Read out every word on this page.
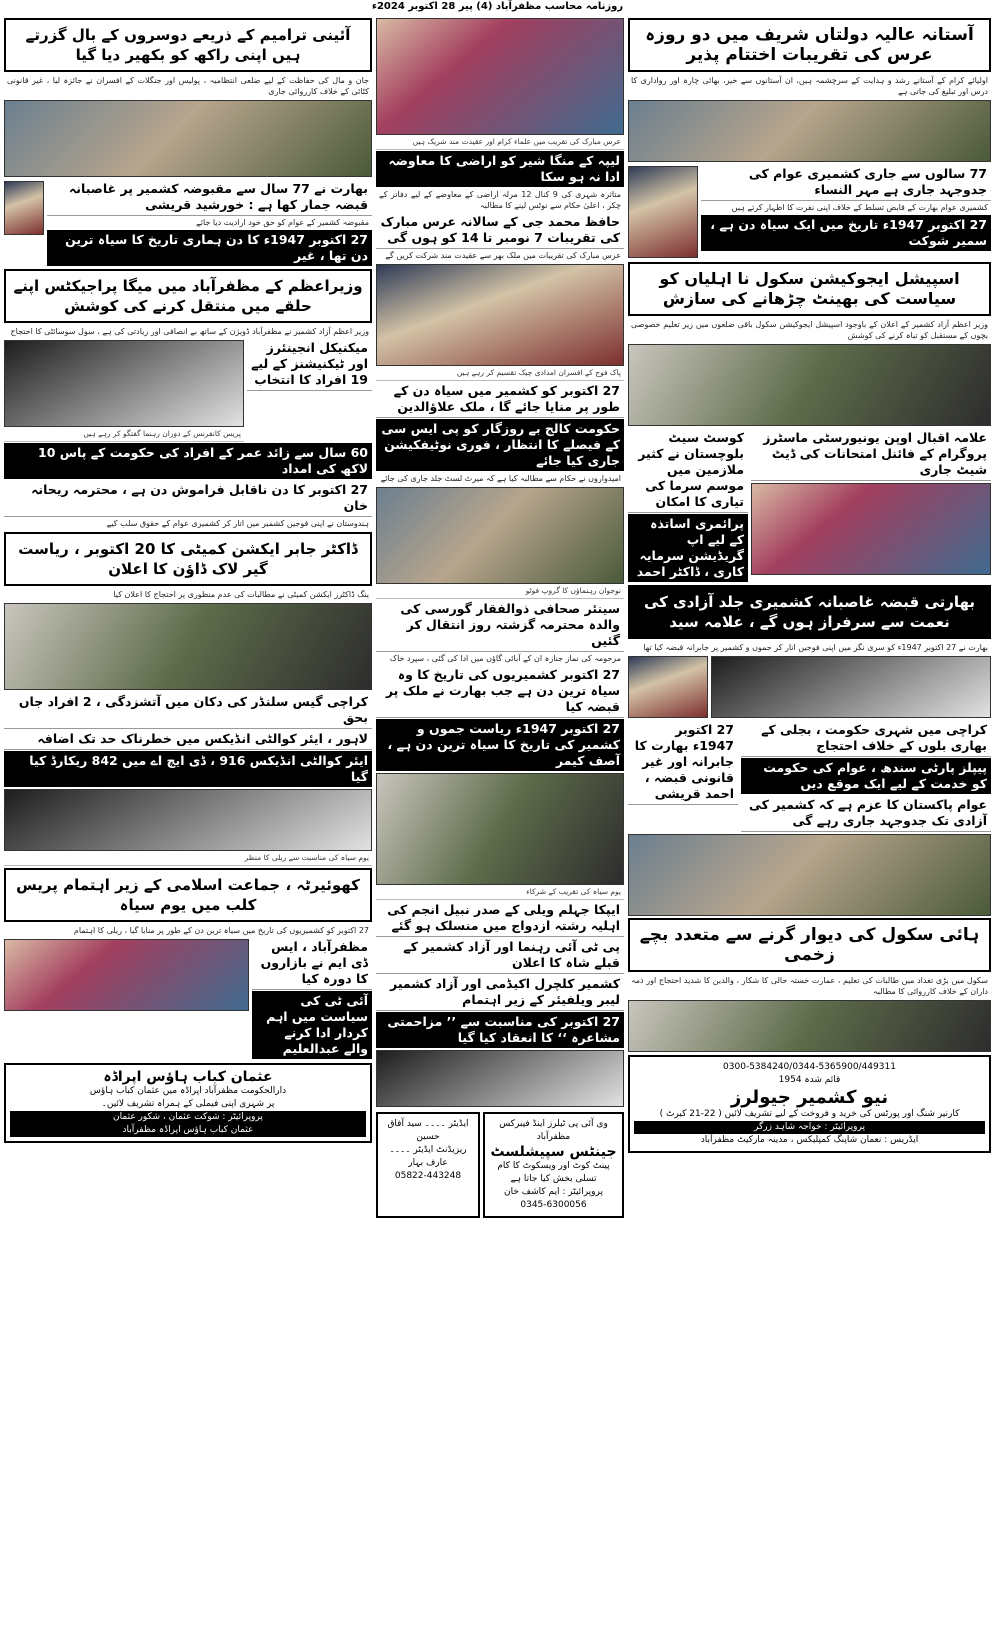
روزنامہ محاسب مظفرآباد (4) پیر 28 اکتوبر 2024ء
آستانہ عالیہ دولتاں شریف میں دو روزہ عرس کی تقریبات اختتام پذیر
اولیائے کرام کے آستانے رشد و ہدایت کے سرچشمہ ہیں، ان آستانوں سے خیر، بھائی چارہ اور رواداری کا درس اور تبلیغ کی جاتی ہے
77 سالوں سے جاری کشمیری عوام کی جدوجہد جاری ہے مہر النساء
کشمیری عوام بھارت کے قابض تسلط کے خلاف اپنی نفرت کا اظہار کرتے ہیں
27 اکتوبر 1947ء تاریخ میں ایک سیاہ دن ہے ، سمیر شوکت
اسپیشل ایجوکیشن سکول نا اہلیاں کو سیاست کی بھینٹ چڑھانے کی سازش
وزیر اعظم آزاد کشمیر کے اعلان کے باوجود اسپیشل ایجوکیشن سکول باقی ضلعوں میں زیر تعلیم خصوصی بچوں کے مستقبل کو تباہ کرنے کی کوشش
علامہ اقبال اوپن یونیورسٹی ماسٹرز پروگرام کے فائنل امتحانات کی ڈیٹ شیٹ جاری
کوسٹ سیٹ بلوچستان نے کثیر ملازمین میں موسم سرما کی تیاری کا امکان
پرائمری اساتذہ کے لیے اپ گریڈیشن سرمایہ کاری ، ڈاکٹر احمد
بھارتی قبضہ غاصبانہ کشمیری جلد آزادی کی نعمت سے سرفراز ہوں گے ، علامہ سید
بھارت نے 27 اکتوبر 1947ء کو سری نگر میں اپنی فوجیں اتار کر جموں و کشمیر پر جابرانہ قبضہ کیا تھا
کراچی میں شہری حکومت ، بجلی کے بھاری بلوں کے خلاف احتجاج
پیپلز پارٹی سندھ ، عوام کی حکومت کو خدمت کے لیے ایک موقع دیں
عوام پاکستان کا عزم ہے کہ کشمیر کی آزادی تک جدوجہد جاری رہے گی
27 اکتوبر 1947ء بھارت کا جابرانہ اور غیر قانونی قبضہ ، احمد قریشی
ہائی سکول کی دیوار گرنے سے متعدد بچے زخمی
سکول میں بڑی تعداد میں طالبات کی تعلیم ، عمارت خستہ حالی کا شکار ، والدین کا شدید احتجاج اور ذمہ داران کے خلاف کارروائی کا مطالبہ
0300-5384240/0344-5365900/449311
قائم شدہ 1954
نیو کشمیر جیولرز
کارنیر شنگ اور پورٹس کی خرید و فروخت کے لیے تشریف لائیں ( 22-21 کیرٹ )
پروپرائیٹر : خواجہ شاہد زرگر
ایڈریس : نعمان شاپنگ کمپلیکس ، مدینہ مارکیٹ مظفرآباد
عرس مبارک کی تقریب میں علماء کرام اور عقیدت مند شریک ہیں
لیپہ کے منگا شیر کو اراضی کا معاوضہ ادا نہ ہو سکا
متاثرہ شہری کی 9 کنال 12 مرلہ اراضی کے معاوضے کے لیے دفاتر کے چکر ، اعلیٰ حکام سے نوٹس لینے کا مطالبہ
حافظ محمد جی کے سالانہ عرس مبارک کی تقریبات 7 نومبر تا 14 کو ہوں گی
عرس مبارک کی تقریبات میں ملک بھر سے عقیدت مند شرکت کریں گے
پاک فوج کے افسران امدادی چیک تقسیم کر رہے ہیں
27 اکتوبر کو کشمیر میں سیاہ دن کے طور پر منایا جائے گا ، ملک علاؤالدین
حکومت کالج بے روزگار کو پی ایس سی کے فیصلے کا انتظار ، فوری نوٹیفکیشن جاری کیا جائے
امیدواروں نے حکام سے مطالبہ کیا ہے کہ میرٹ لسٹ جلد جاری کی جائے
نوجوان رہنماؤں کا گروپ فوٹو
سینئر صحافی ذوالفقار گورسی کی والدہ محترمہ گزشتہ روز انتقال کر گئیں
مرحومہ کی نماز جنازہ ان کے آبائی گاؤں میں ادا کی گئی ، سپرد خاک
27 اکتوبر کشمیریوں کی تاریخ کا وہ سیاہ ترین دن ہے جب بھارت نے ملک پر قبضہ کیا
27 اکتوبر 1947ء ریاست جموں و کشمیر کی تاریخ کا سیاہ ترین دن ہے ، آصف کیمر
یوم سیاہ کی تقریب کے شرکاء
ایپکا جہلم ویلی کے صدر نبیل انجم کی اہلیہ رشتہ ازدواج میں منسلک ہو گئے
پی ٹی آئی رہنما اور آزاد کشمیر کے قبلے شاہ کا اعلان
کشمیر کلچرل اکیڈمی اور آزاد کشمیر لیبر ویلفیئر کے زیر اہتمام
27 اکتوبر کی مناسبت سے ’’ مزاحمتی مشاعرہ ‘‘ کا انعقاد کیا گیا
وی آئی پی ٹیلرز اینڈ فیبرکس مظفرآباد
جینٹس سپیشلسٹ
پینٹ کوٹ اور ویسکوٹ کا کام تسلی بخش کیا جاتا ہے
پروپرائیٹر : ایم کاشف خان
0345-6300056
ایڈیٹر ۔۔۔۔ سید آفاق حسین
ریزیڈنٹ ایڈیٹر ۔۔۔۔ عارف بہار
05822-443248
آئینی ترامیم کے ذریعے دوسروں کے بال گزرتے ہیں اپنی راکھ کو بکھیر دیا گیا
جان و مال کی حفاظت کے لیے ضلعی انتظامیہ ، پولیس اور جنگلات کے افسران نے جائزہ لیا ، غیر قانونی کٹائی کے خلاف کارروائی جاری
بھارت نے 77 سال سے مقبوضہ کشمیر پر غاصبانہ قبضہ جمار کھا ہے : خورشید قریشی
مقبوضہ کشمیر کے عوام کو حق خود ارادیت دیا جائے
27 اکتوبر 1947ء کا دن ہماری تاریخ کا سیاہ ترین دن تھا ، غیر
وزیراعظم کے مظفرآباد میں میگا پراجیکٹس اپنے حلقے میں منتقل کرنے کی کوشش
وزیر اعظم آزاد کشمیر نے مظفرآباد ڈویژن کے ساتھ بے انصافی اور زیادتی کی ہے ، سول سوسائٹی کا احتجاج
میکنیکل انجینئرز اور ٹیکنیشنز کے لیے 19 افراد کا انتخاب
پریس کانفرنس کے دوران رہنما گفتگو کر رہے ہیں
60 سال سے زائد عمر کے افراد کی حکومت کے پاس 10 لاکھ کی امداد
27 اکتوبر کا دن ناقابل فراموش دن ہے ، محترمہ ریحانہ خان
ہندوستان نے اپنی فوجیں کشمیر میں اتار کر کشمیری عوام کے حقوق سلب کیے
ڈاکٹر جابر ایکشن کمیٹی کا 20 اکتوبر ، ریاست گیر لاک ڈاؤن کا اعلان
ینگ ڈاکٹرز ایکشن کمیٹی نے مطالبات کی عدم منظوری پر احتجاج کا اعلان کیا
کراچی گیس سلنڈر کی دکان میں آتشزدگی ، 2 افراد جاں بحق
لاہور ، ایئر کوالٹی انڈیکس میں خطرناک حد تک اضافہ
ایئر کوالٹی انڈیکس 916 ، ڈی ایچ اے میں 842 ریکارڈ کیا گیا
یوم سیاہ کی مناسبت سے ریلی کا منظر
کھوئیرٹہ ، جماعت اسلامی کے زیر اہتمام پریس کلب میں یوم سیاہ
27 اکتوبر کو کشمیریوں کی تاریخ میں سیاہ ترین دن کے طور پر منایا گیا ، ریلی کا اہتمام
مظفرآباد ، ایس ڈی ایم نے بازاروں کا دورہ کیا
آئی ٹی کی سیاست میں اہم کردار ادا کرنے والے عبدالعلیم
عثمان کباب ہاؤس اپراڈہ
دارالحکومت مظفرآباد اپراڈہ میں عثمان کباب ہاؤس
پر شہری اپنی فیملی کے ہمراہ تشریف لائیں۔
پروپرائیٹر : شوکت عثمان ، شکور عثمان
عثمان کباب ہاؤس اپراڈہ مظفرآباد
